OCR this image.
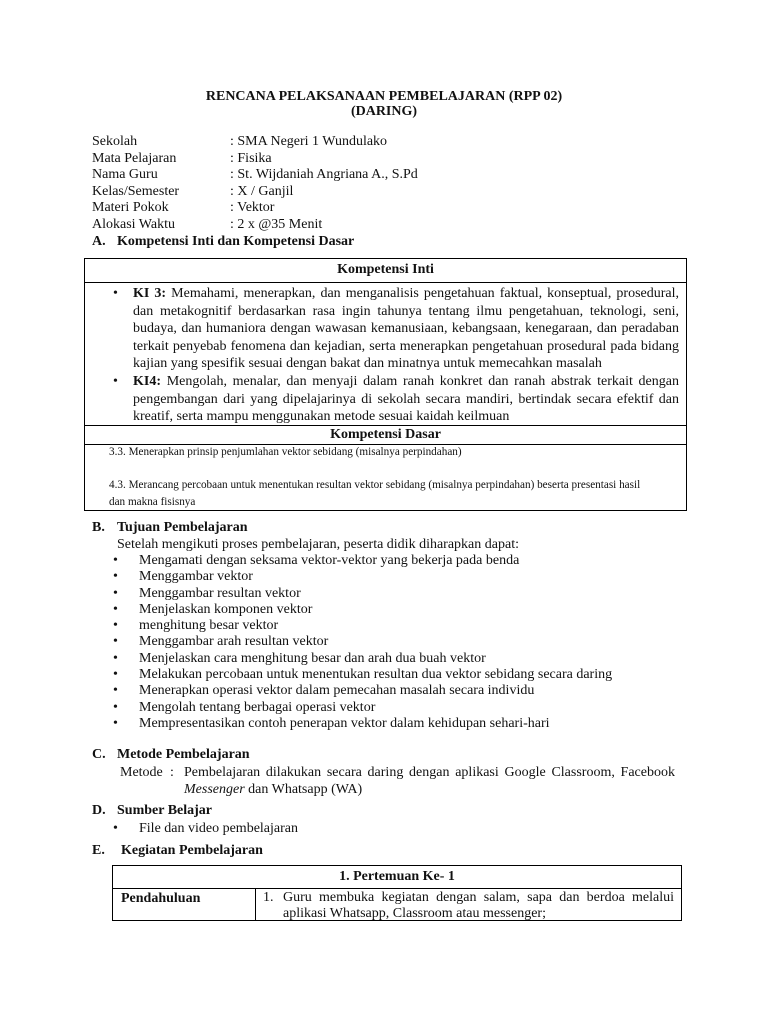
RENCANA PELAKSANAAN PEMBELAJARAN (RPP 02)
(DARING)
Sekolah	: SMA Negeri 1 Wundulako
Mata Pelajaran	: Fisika
Nama Guru	: St. Wijdaniah Angriana A., S.Pd
Kelas/Semester	: X / Ganjil
Materi Pokok	: Vektor
Alokasi Waktu	: 2 x @35 Menit
A. Kompetensi Inti dan Kompetensi Dasar
Kompetensi Inti
•	KI 3: Memahami, menerapkan, dan menganalisis pengetahuan faktual, konseptual, prosedural, dan metakognitif berdasarkan rasa ingin tahunya tentang ilmu pengetahuan, teknologi, seni, budaya, dan humaniora dengan wawasan kemanusiaan, kebangsaan, kenegaraan, dan peradaban terkait penyebab fenomena dan kejadian, serta menerapkan pengetahuan prosedural pada bidang kajian yang spesifik sesuai dengan bakat dan minatnya untuk memecahkan masalah
•	KI4: Mengolah, menalar, dan menyaji dalam ranah konkret dan ranah abstrak terkait dengan pengembangan dari yang dipelajarinya di sekolah secara mandiri, bertindak secara efektif dan kreatif, serta mampu menggunakan metode sesuai kaidah keilmuan
Kompetensi Dasar
3.3. Menerapkan prinsip penjumlahan vektor sebidang (misalnya perpindahan)
4.3. Merancang percobaan untuk menentukan resultan vektor sebidang (misalnya perpindahan) beserta presentasi hasil dan makna fisisnya
B. Tujuan Pembelajaran
Setelah mengikuti proses pembelajaran, peserta didik diharapkan dapat:
•	Mengamati dengan seksama vektor-vektor yang bekerja pada benda
•	Menggambar vektor
•	Menggambar resultan vektor
•	Menjelaskan komponen vektor
•	menghitung besar vektor
•	Menggambar arah resultan vektor
•	Menjelaskan cara menghitung besar dan arah dua buah vektor
•	Melakukan percobaan untuk menentukan resultan dua vektor sebidang secara daring
•	Menerapkan operasi vektor dalam pemecahan masalah secara individu
•	Mengolah tentang berbagai operasi vektor
•	Mempresentasikan contoh penerapan vektor dalam kehidupan sehari-hari
C. Metode Pembelajaran
Metode : Pembelajaran dilakukan secara daring dengan aplikasi Google Classroom, Facebook
Messenger dan Whatsapp (WA)
D. Sumber Belajar
•	File dan video pembelajaran
E. Kegiatan Pembelajaran
1. Pertemuan Ke- 1
Pendahuluan	1. Guru membuka kegiatan dengan salam, sapa dan berdoa melalui aplikasi Whatsapp, Classroom atau messenger;
